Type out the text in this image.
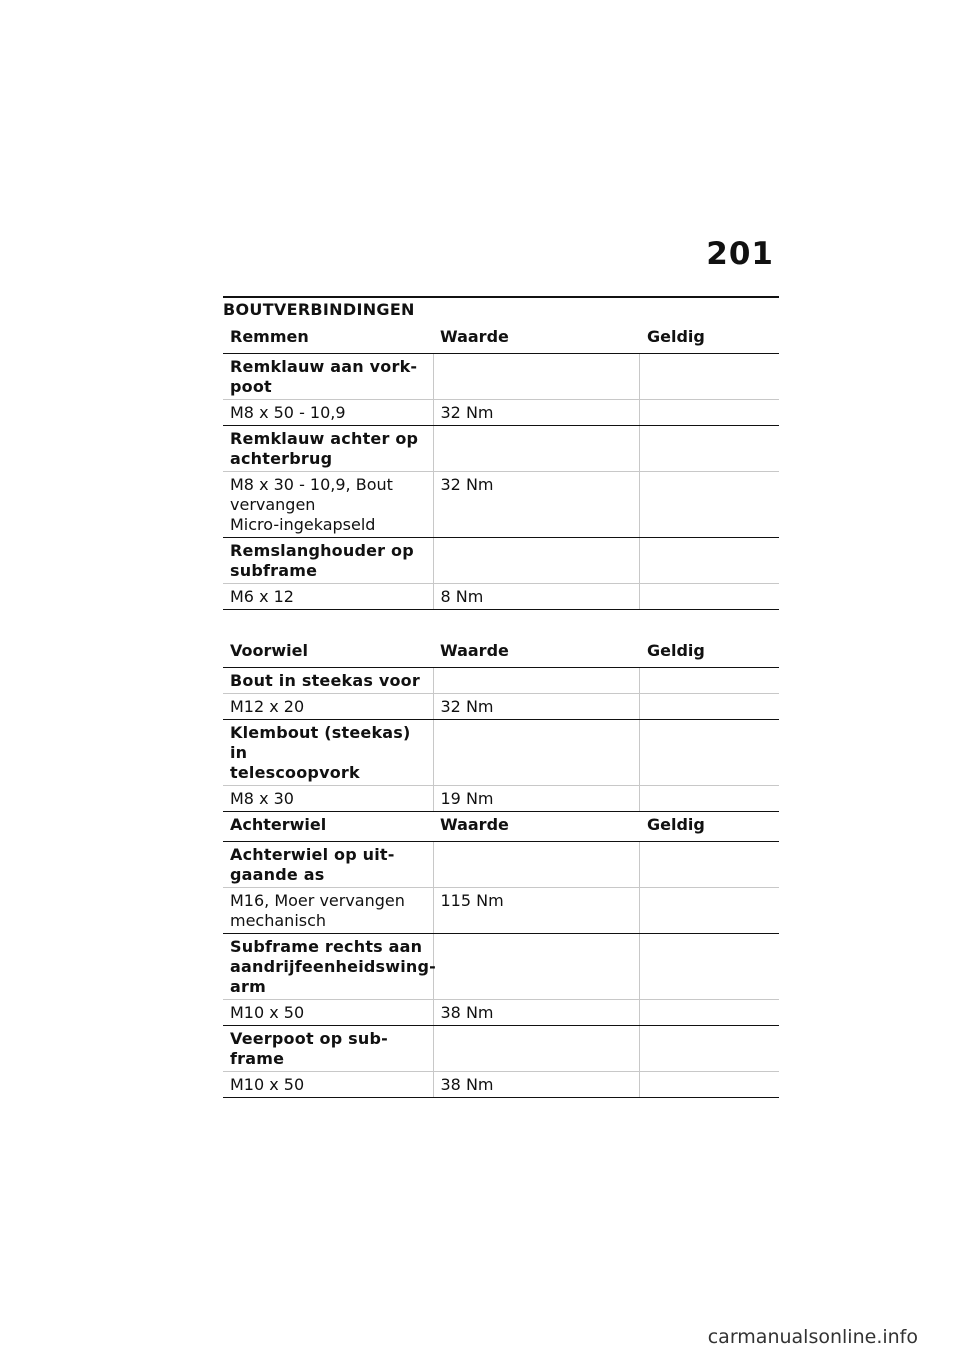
201
BOUTVERBINDINGEN
Remmen	Waarde	Geldig
Remklauw aan vork-
poot		
M8 x 50 - 10,9	32 Nm	
Remklauw achter op
achterbrug		
M8 x 30 - 10,9, Bout
vervangen
Micro-ingekapseld	32 Nm	
Remslanghouder op
subframe		
M6 x 12	8 Nm	
Voorwiel	Waarde	Geldig
Bout in steekas voor		
M12 x 20	32 Nm	
Klembout (steekas) in
telescoopvork		
M8 x 30	19 Nm	
Achterwiel	Waarde	Geldig
Achterwiel op uit-
gaande as		
M16, Moer vervangen
mechanisch	115 Nm	
Subframe rechts aan
aandrijfeenheidswing-
arm		
M10 x 50	38 Nm	
Veerpoot op sub-
frame		
M10 x 50	38 Nm	
carmanualsonline.info
